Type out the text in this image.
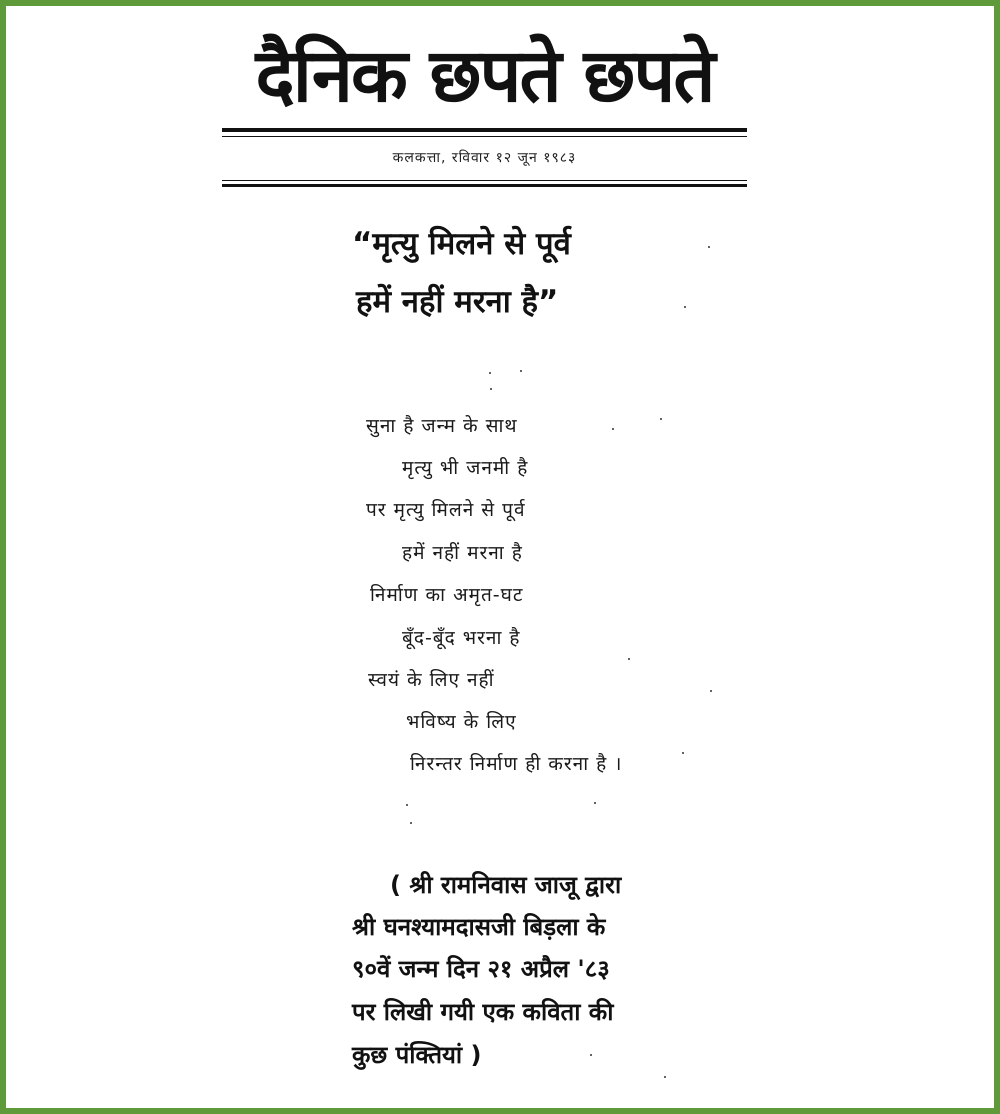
दैनिक छपते छपते
कलकत्ता, रविवार १२ जून १९८३
“मृत्यु मिलने से पूर्व
हमें नहीं मरना है”
सुना है जन्म के साथ
मृत्यु भी जनमी है
पर मृत्यु मिलने से पूर्व
हमें नहीं मरना है
निर्माण का अमृत-घट
बूँद-बूँद भरना है
स्वयं के लिए नहीं
भविष्य के लिए
निरन्तर निर्माण ही करना है ।
( श्री रामनिवास जाजू द्वारा
श्री घनश्यामदासजी बिड़ला के
९०वें जन्म दिन २१ अप्रैल '८३
पर लिखी गयी एक कविता की
कुछ पंक्तियां )
